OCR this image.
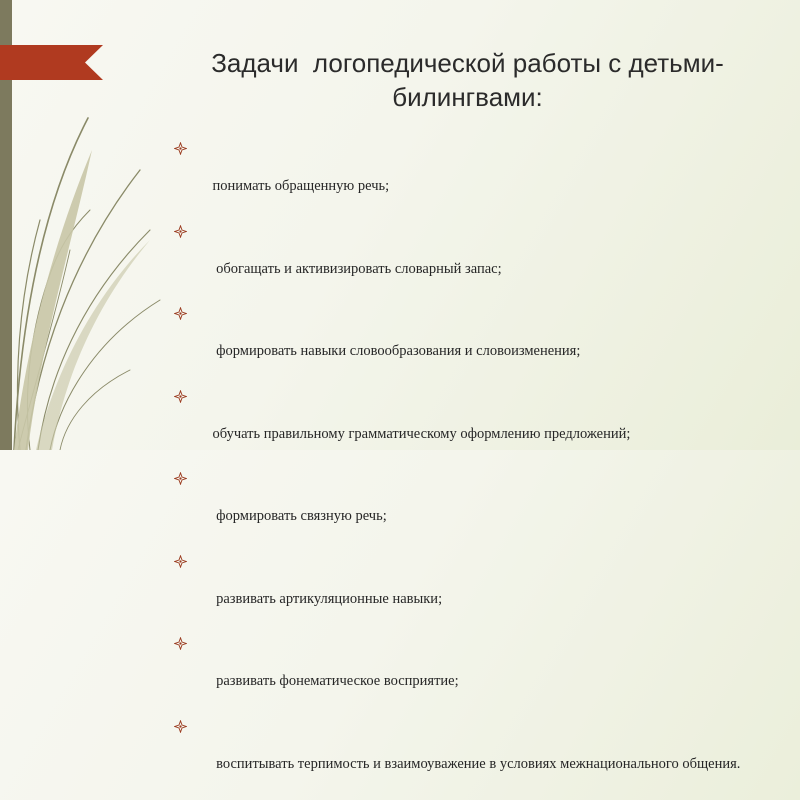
Задачи  логопедической работы с детьми-билингвами:

понимать обращенную речь;

обогащать и активизировать словарный запас;

формировать навыки словообразования и словоизменения;

обучать правильному грамматическому оформлению предложений;

формировать связную речь;

развивать артикуляционные навыки;

развивать фонематическое восприятие;

воспитывать терпимость и взаимоуважение в условиях межнационального общения.
